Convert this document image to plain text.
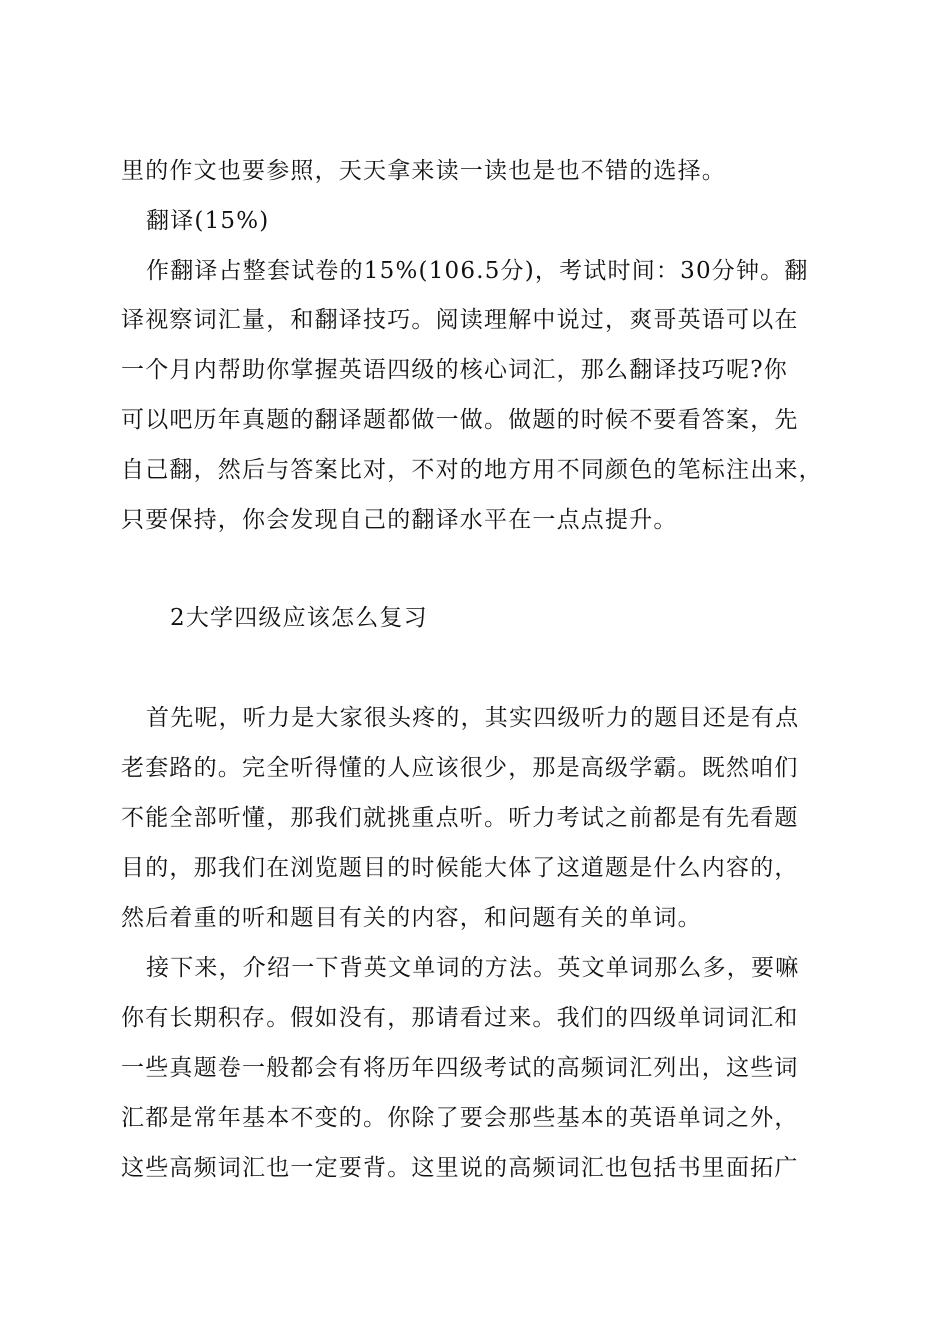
里的作文也要参照，天天拿来读一读也是也不错的选择。
翻译(15%)
作翻译占整套试卷的15%(106.5分)，考试时间：30分钟。翻
译视察词汇量，和翻译技巧。阅读理解中说过，爽哥英语可以在
一个月内帮助你掌握英语四级的核心词汇，那么翻译技巧呢?你
可以吧历年真题的翻译题都做一做。做题的时候不要看答案，先
自己翻，然后与答案比对，不对的地方用不同颜色的笔标注出来，
只要保持，你会发现自己的翻译水平在一点点提升。
2大学四级应该怎么复习
首先呢，听力是大家很头疼的，其实四级听力的题目还是有点
老套路的。完全听得懂的人应该很少，那是高级学霸。既然咱们
不能全部听懂，那我们就挑重点听。听力考试之前都是有先看题
目的，那我们在浏览题目的时候能大体了这道题是什么内容的，
然后着重的听和题目有关的内容，和问题有关的单词。
接下来，介绍一下背英文单词的方法。英文单词那么多，要嘛
你有长期积存。假如没有，那请看过来。我们的四级单词词汇和
一些真题卷一般都会有将历年四级考试的高频词汇列出，这些词
汇都是常年基本不变的。你除了要会那些基本的英语单词之外，
这些高频词汇也一定要背。这里说的高频词汇也包括书里面拓广
